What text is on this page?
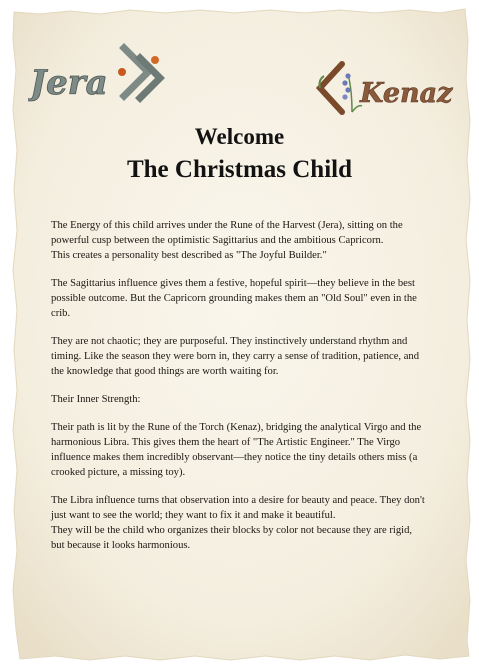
Jera	Kenaz
Welcome
The Christmas Child

The Energy of this child arrives under the Rune of the Harvest (Jera), sitting on the powerful cusp between the optimistic Sagittarius and the ambitious Capricorn.
This creates a personality best described as "The Joyful Builder."

The Sagittarius influence gives them a festive, hopeful spirit—they believe in the best possible outcome. But the Capricorn grounding makes them an "Old Soul" even in the crib.

They are not chaotic; they are purposeful. They instinctively understand rhythm and timing. Like the season they were born in, they carry a sense of tradition, patience, and the knowledge that good things are worth waiting for.

Their Inner Strength:

Their path is lit by the Rune of the Torch (Kenaz), bridging the analytical Virgo and the harmonious Libra. This gives them the heart of "The Artistic Engineer." The Virgo influence makes them incredibly observant—they notice the tiny details others miss (a crooked picture, a missing toy).

The Libra influence turns that observation into a desire for beauty and peace. They don't just want to see the world; they want to fix it and make it beautiful.
They will be the child who organizes their blocks by color not because they are rigid, but because it looks harmonious.
